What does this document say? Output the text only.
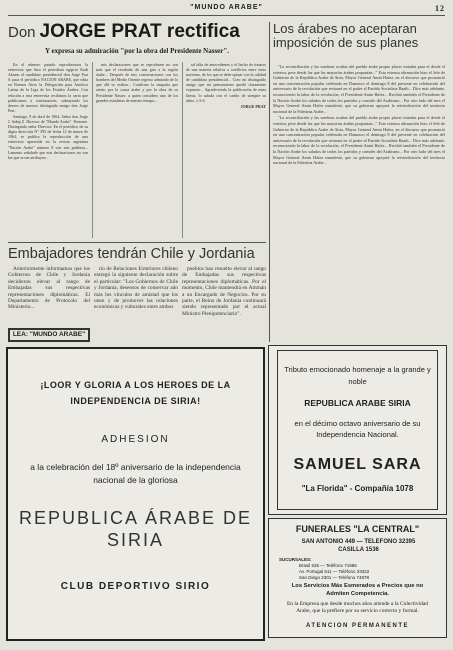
"MUNDO ARABE"	12
Don JORGE PRAT rectifica
Y expresa su admiración "por la obra del Presidente Nasser".

En el número pasado reproducimos la entrevista que hizo el periodista egipcio Kadí Aksam al candidato presidencial don Jorge Prat S. para el periódico NACION ARABE, que edita en Buenos Aires la Delegación para América Latina de la Liga de los Estados Árabes. Con relación a esta entrevista recibimos la carta que publicamos a continuación, subrayando los deseos de nuestro distinguido amigo don Jorge Prat:

Santiago, 9 de abril de 1964. Señor don Jorge J. Sabaj Z. Director de "Mundo Arabe". Presente. Distinguido señor Director: En el periódico de su digna dirección N° 395 de fecha 12 de marzo de 1964, se publica la reproducción de una entrevista aparecida en la revista argentina "Nación Arabe" número 8 con mis palabras... Lamento señalarle que mis declaraciones no son las que se me atribuyen...

mis declaraciones que se reproducen no son más que el resultado de una gira a la región árabe... Después de mis conversaciones con los hombres del Medio Oriente regreso admirado de lo que allí se realiza... Confirmo la simpatía que siento por la causa árabe y por la obra de su Presidente Nasser, a quien considero uno de los grandes estadistas de nuestro tiempo...

tal falta de antecedentes y el hecho de tratarse de una materia relativa a conflictos entre otras naciones, de los que se debe opinar con la calidad de candidato presidencial... Creo mi distinguido amigo que mi pensamiento quedó claramente expuesto... Agradeciendo la publicación de estas líneas, lo saluda con el cariño de siempre su afmo. y S.S.

JORGE PRAT

Los árabes no aceptaran imposición de sus planes

"La reconciliación y las sombras ocultas del pueblo árabe propio placer tratadas para el desde el exterior, pese desde las que las mayorías árabes proponían..." Esta extensa afirmación hizo el Jefe de Gobierno de la República Arabe de Siria, Mayor General Amin Hafez, en el discurso que pronunció en una concentración popular celebrada en Damasco el domingo 8 del presente en celebración del aniversario de la revolución que restauró en el poder al Partido Socialista Baath... Dice más adelante, reconociendo la labor de la revolución, el Presidente Amin Hafez... Recibió también el Presidente de la Nación Arabe los saludos de todos los partidos y comités del Arabismo... Por otro lado del mes el Mayor General Amin Hafez manifestó, que su gobierno apoyará la reivindicación del territorio nacional de la Palestina Arabe...

"La reconciliación y las sombras ocultas del pueblo árabe propio placer tratadas para el desde el exterior, pese desde las que las mayorías árabes proponían..." Esta extensa afirmación hizo el Jefe de Gobierno de la República Arabe de Siria, Mayor General Amin Hafez, en el discurso que pronunció en una concentración popular celebrada en Damasco el domingo 8 del presente en celebración del aniversario de la revolución que restauró en el poder al Partido Socialista Baath... Dice más adelante, reconociendo la labor de la revolución, el Presidente Amin Hafez... Recibió también el Presidente de la Nación Arabe los saludos de todos los partidos y comités del Arabismo... Por otro lado del mes el Mayor General Amin Hafez manifestó, que su gobierno apoyará la reivindicación del territorio nacional de la Palestina Arabe...

Embajadores tendrán Chile y Jordania

Anteriormente informamos que los Gobiernos de Chile y Jordania decidieron elevar al rango de Embajadas sus respectivas representaciones diplomáticas. El Departamento de Protocolo del Ministerio...

río de Relaciones Exteriores chileno entregó la siguiente declaración sobre el particular: "Los Gobiernos de Chile y Jordania, deseosos de conservar aún más los vínculos de amistad que los unen y de promover las relaciones económicas y culturales entre ambos

pueblos han resuelto elevar al rango de Embajadas sus respectivas representaciones diplomáticas. Por el momento, Chile mantendrá en Ammán a un Encargado de Negocios. Por su parte, el Reino de Jordania continuará siendo representado por el actual Ministro Plenipotenciario".

LEA: "MUNDO ARABE"
¡LOOR Y GLORIA A LOS HEROES DE LA INDEPENDENCIA DE SIRIA!
ADHESION
a la celebración del 18º aniversario de la independencia nacional de la gloriosa
REPUBLICA ÁRABE DE SIRIA
CLUB DEPORTIVO SIRIO
Tributo emocionado homenaje a la grande y noble
REPUBLICA ARABE SIRIA
en el décimo octavo aniversario de su Independencia Nacional.
SAMUEL SARA
"La Florida" - Compañía 1078
FUNERALES "LA CENTRAL"
SAN ANTONIO 449 — TELEFONO 32395
CASILLA 1536
SUCURSALES:
Brasil 535 — Teléfono 71886
Av. Portugal 611 — Teléfono 33322
San Diego 2301 — Teléfono 74878
Los Servicios Más Esmerados a Precios que no Admiten Competencia.
En la Empresa que desde muchos años atiende a la Colectividad Arabe, que la prefiere por su servicio correcto y formal.
ATENCION PERMANENTE
